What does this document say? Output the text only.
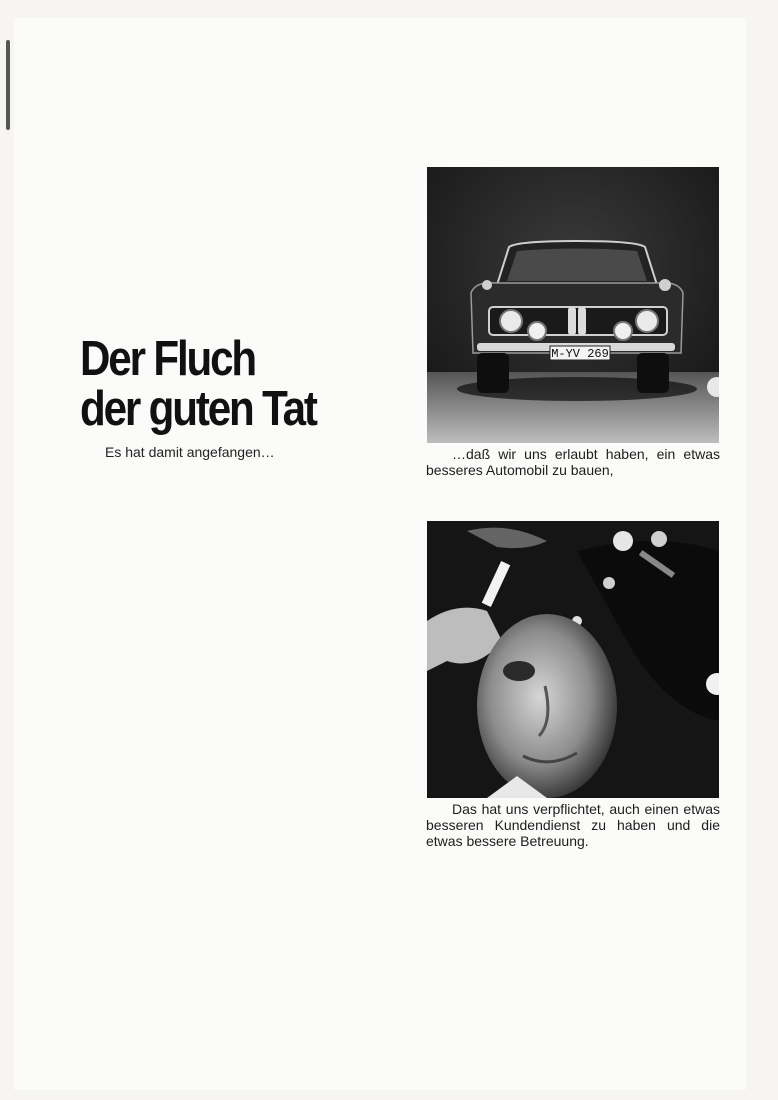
Der Fluch
der guten Tat
Es hat damit angefangen…
M-YV 269
…daß wir uns erlaubt haben, ein etwas besseres Automobil zu bauen,
Das hat uns verpflichtet, auch einen etwas besseren Kundendienst zu haben und die etwas bessere Betreuung.
